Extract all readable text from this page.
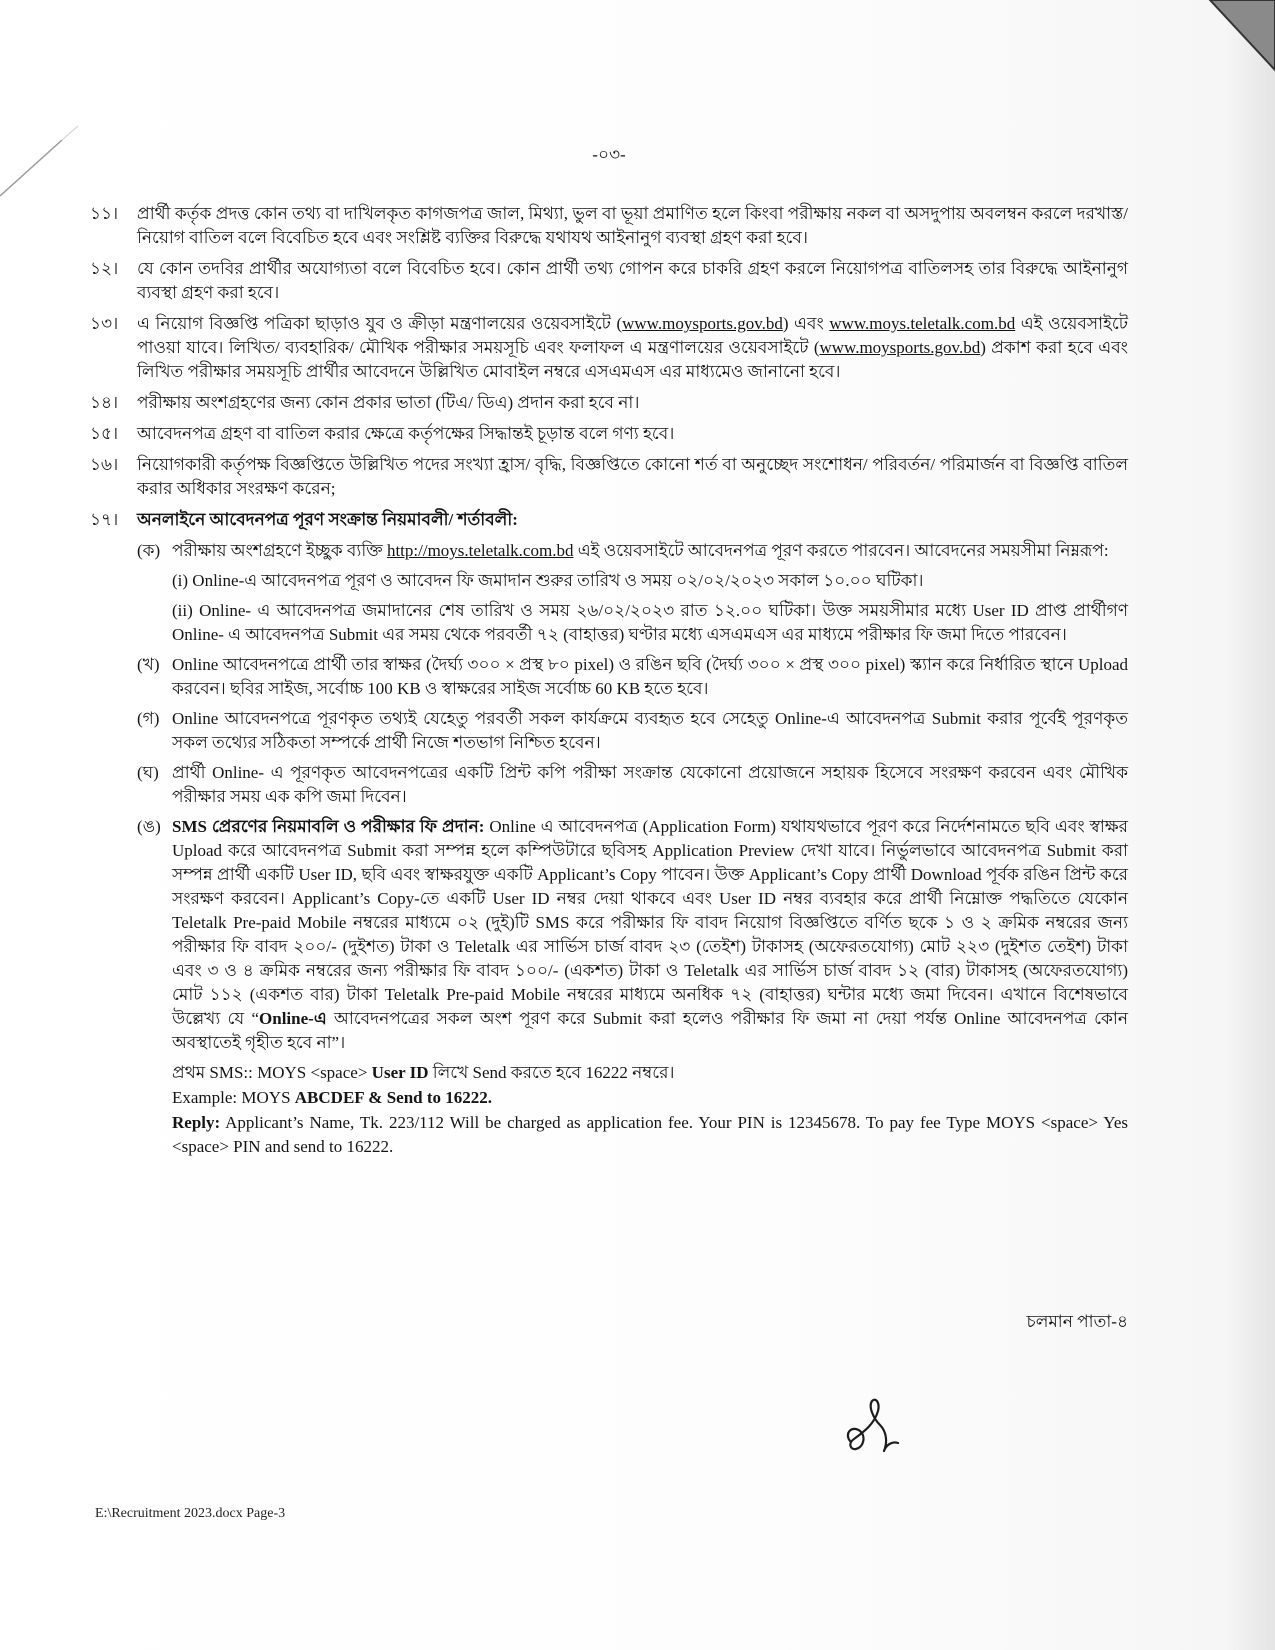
-০৩-
১১।	প্রার্থী কর্তৃক প্রদত্ত কোন তথ্য বা দাখিলকৃত কাগজপত্র জাল, মিথ্যা, ভুল বা ভূয়া প্রমাণিত হলে কিংবা পরীক্ষায় নকল বা অসদুপায় অবলম্বন করলে দরখাস্ত/ নিয়োগ বাতিল বলে বিবেচিত হবে এবং সংশ্লিষ্ট ব্যক্তির বিরুদ্ধে যথাযথ আইনানুগ ব্যবস্থা গ্রহণ করা হবে।

১২।	যে কোন তদবির প্রার্থীর অযোগ্যতা বলে বিবেচিত হবে। কোন প্রার্থী তথ্য গোপন করে চাকরি গ্রহণ করলে নিয়োগপত্র বাতিলসহ তার বিরুদ্ধে আইনানুগ ব্যবস্থা গ্রহণ করা হবে।

১৩।	এ নিয়োগ বিজ্ঞপ্তি পত্রিকা ছাড়াও যুব ও ক্রীড়া মন্ত্রণালয়ের ওয়েবসাইটে (www.moysports.gov.bd) এবং www.moys.teletalk.com.bd এই ওয়েবসাইটে পাওয়া যাবে। লিখিত/ ব্যবহারিক/ মৌখিক পরীক্ষার সময়সূচি এবং ফলাফল এ মন্ত্রণালয়ের ওয়েবসাইটে (www.moysports.gov.bd) প্রকাশ করা হবে এবং লিখিত পরীক্ষার সময়সূচি প্রার্থীর আবেদনে উল্লিখিত মোবাইল নম্বরে এসএমএস এর মাধ্যমেও জানানো হবে।

১৪।	পরীক্ষায় অংশগ্রহণের জন্য কোন প্রকার ভাতা (টিএ/ ডিএ) প্রদান করা হবে না।

১৫।	আবেদনপত্র গ্রহণ বা বাতিল করার ক্ষেত্রে কর্তৃপক্ষের সিদ্ধান্তই চূড়ান্ত বলে গণ্য হবে।

১৬।	নিয়োগকারী কর্তৃপক্ষ বিজ্ঞপ্তিতে উল্লিখিত পদের সংখ্যা হ্রাস/ বৃদ্ধি, বিজ্ঞপ্তিতে কোনো শর্ত বা অনুচ্ছেদ সংশোধন/ পরিবর্তন/ পরিমার্জন বা বিজ্ঞপ্তি বাতিল করার অধিকার সংরক্ষণ করেন;

১৭।	অনলাইনে আবেদনপত্র পূরণ সংক্রান্ত নিয়মাবলী/ শর্তাবলী:

(ক) পরীক্ষায় অংশগ্রহণে ইচ্ছুক ব্যক্তি http://moys.teletalk.com.bd এই ওয়েবসাইটে আবেদনপত্র পূরণ করতে পারবেন। আবেদনের সময়সীমা নিম্নরূপ:

(i) Online-এ আবেদনপত্র পূরণ ও আবেদন ফি জমাদান শুরুর তারিখ ও সময় ০২/০২/২০২৩ সকাল ১০.০০ ঘটিকা।

(ii) Online- এ আবেদনপত্র জমাদানের শেষ তারিখ ও সময় ২৬/০২/২০২৩ রাত ১২.০০ ঘটিকা। উক্ত সময়সীমার মধ্যে User ID প্রাপ্ত প্রার্থীগণ Online- এ আবেদনপত্র Submit এর সময় থেকে পরবর্তী ৭২ (বাহাত্তর) ঘণ্টার মধ্যে এসএমএস এর মাধ্যমে পরীক্ষার ফি জমা দিতে পারবেন।

(খ) Online আবেদনপত্রে প্রার্থী তার স্বাক্ষর (দৈর্ঘ্য ৩০০ × প্রস্থ ৮০ pixel) ও রঙিন ছবি (দৈর্ঘ্য ৩০০ × প্রস্থ ৩০০ pixel) স্ক্যান করে নির্ধারিত স্থানে Upload করবেন। ছবির সাইজ, সর্বোচ্চ 100 KB ও স্বাক্ষরের সাইজ সর্বোচ্চ 60 KB হতে হবে।

(গ) Online আবেদনপত্রে পূরণকৃত তথ্যই যেহেতু পরবর্তী সকল কার্যক্রমে ব্যবহৃত হবে সেহেতু Online-এ আবেদনপত্র Submit করার পূর্বেই পূরণকৃত সকল তথ্যের সঠিকতা সম্পর্কে প্রার্থী নিজে শতভাগ নিশ্চিত হবেন।

(ঘ) প্রার্থী Online- এ পূরণকৃত আবেদনপত্রের একটি প্রিন্ট কপি পরীক্ষা সংক্রান্ত যেকোনো প্রয়োজনে সহায়ক হিসেবে সংরক্ষণ করবেন এবং মৌখিক পরীক্ষার সময় এক কপি জমা দিবেন।

(ঙ) SMS প্রেরণের নিয়মাবলি ও পরীক্ষার ফি প্রদান: Online এ আবেদনপত্র (Application Form) যথাযথভাবে পূরণ করে নির্দেশনামতে ছবি এবং স্বাক্ষর Upload করে আবেদনপত্র Submit করা সম্পন্ন হলে কম্পিউটারে ছবিসহ Application Preview দেখা যাবে। নির্ভুলভাবে আবেদনপত্র Submit করা সম্পন্ন প্রার্থী একটি User ID, ছবি এবং স্বাক্ষরযুক্ত একটি Applicant’s Copy পাবেন। উক্ত Applicant’s Copy প্রার্থী Download পূর্বক রঙিন প্রিন্ট করে সংরক্ষণ করবেন। Applicant’s Copy-তে একটি User ID নম্বর দেয়া থাকবে এবং User ID নম্বর ব্যবহার করে প্রার্থী নিম্নোক্ত পদ্ধতিতে যেকোন Teletalk Pre-paid Mobile নম্বরের মাধ্যমে ০২ (দুই)টি SMS করে পরীক্ষার ফি বাবদ নিয়োগ বিজ্ঞপ্তিতে বর্ণিত ছকে ১ ও ২ ক্রমিক নম্বরের জন্য পরীক্ষার ফি বাবদ ২০০/- (দুইশত) টাকা ও Teletalk এর সার্ভিস চার্জ বাবদ ২৩ (তেইশ) টাকাসহ (অফেরতযোগ্য) মোট ২২৩ (দুইশত তেইশ) টাকা এবং ৩ ও ৪ ক্রমিক নম্বরের জন্য পরীক্ষার ফি বাবদ ১০০/- (একশত) টাকা ও Teletalk এর সার্ভিস চার্জ বাবদ ১২ (বার) টাকাসহ (অফেরতযোগ্য) মোট ১১২ (একশত বার) টাকা Teletalk Pre-paid Mobile নম্বরের মাধ্যমে অনধিক ৭২ (বাহাত্তর) ঘন্টার মধ্যে জমা দিবেন। এখানে বিশেষভাবে উল্লেখ্য যে “Online-এ আবেদনপত্রের সকল অংশ পূরণ করে Submit করা হলেও পরীক্ষার ফি জমা না দেয়া পর্যন্ত Online আবেদনপত্র কোন অবস্থাতেই গৃহীত হবে না”।

প্রথম SMS:: MOYS <space> User ID লিখে Send করতে হবে 16222 নম্বরে।

Example: MOYS ABCDEF & Send to 16222.

Reply: Applicant’s Name, Tk. 223/112 Will be charged as application fee. Your PIN is 12345678. To pay fee Type MOYS <space> Yes <space> PIN and send to 16222.

চলমান পাতা-৪
E:\Recruitment 2023.docx Page-3
